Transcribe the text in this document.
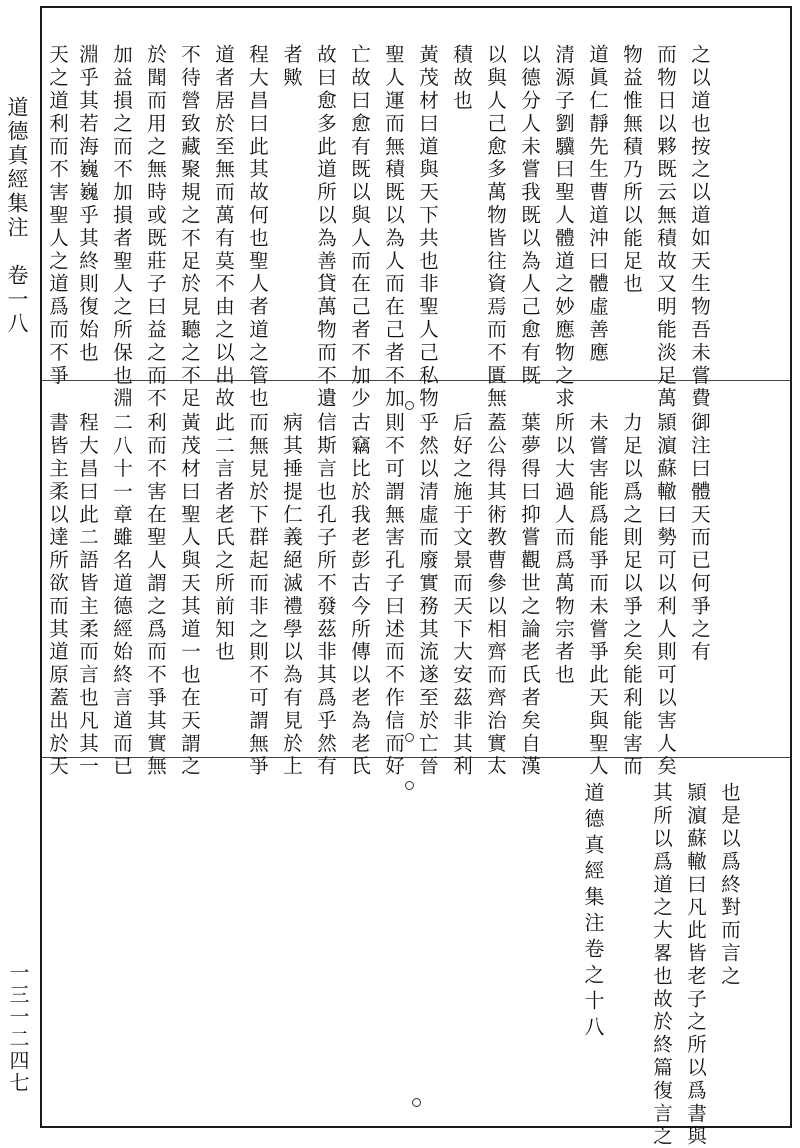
道德真經集注　卷一八
一三一二四七
之以道也按之以道如天生物吾未嘗費
而物日以夥既云無積故又明能淡足萬
物益惟無積乃所以能足也
道眞仁靜先生曹道沖曰體虛善應
清源子劉驥曰聖人體道之妙應物之求
以德分人未嘗我既以為人己愈有既
以與人己愈多萬物皆往資焉而不匱無
積故也
黃茂材曰道與天下共也非聖人己私物
聖人運而無積既以為人而在己者不加
亡故曰愈有既以與人而在己者不加少
故曰愈多此道所以為善貸萬物而不遺
者歟
程大昌曰此其故何也聖人者道之管也
道者居於至無而萬有莫不由之以出故
不待營致藏聚規之不足於見聽之不足
於聞而用之無時或既莊子曰益之而不
加益損之而不加損者聖人之所保也淵
淵乎其若海巍巍乎其終則復始也
天之道利而不害聖人之道爲而不爭
御注曰體天而已何爭之有
頴濵蘇轍曰勢可以利人則可以害人矣
力足以爲之則足以爭之矣能利能害而
未嘗害能爲能爭而未嘗爭此天與聖人
所以大過人而爲萬物宗者也
葉夢得曰抑嘗觀世之論老氏者矣自漢
蓋公得其術教曹參以相齊而齊治實太
后好之施于文景而天下大安茲非其利
乎然以清虛而廢實務其流遂至於亡晉
則不可謂無害孔子曰述而不作信而好
古竊比於我老彭古今所傳以老為老氏
信斯言也孔子所不發茲非其爲乎然有
病其捶提仁義絕滅禮學以為有見於上
而無見於下群起而非之則不可謂無爭
此二言者老氏之所前知也
黃茂材曰聖人與天其道一也在天謂之
利而不害在聖人謂之爲而不爭其實無
二八十一章雖名道德經始終言道而已
程大昌曰此二語皆主柔而言也凡其一
書皆主柔以達所欲而其道原蓋出於天
也是以爲終對而言之
頴濵蘇轍曰凡此皆老子之所以爲書與
其所以爲道之大畧也故於終篇復言之
道德真經集注卷之十八
